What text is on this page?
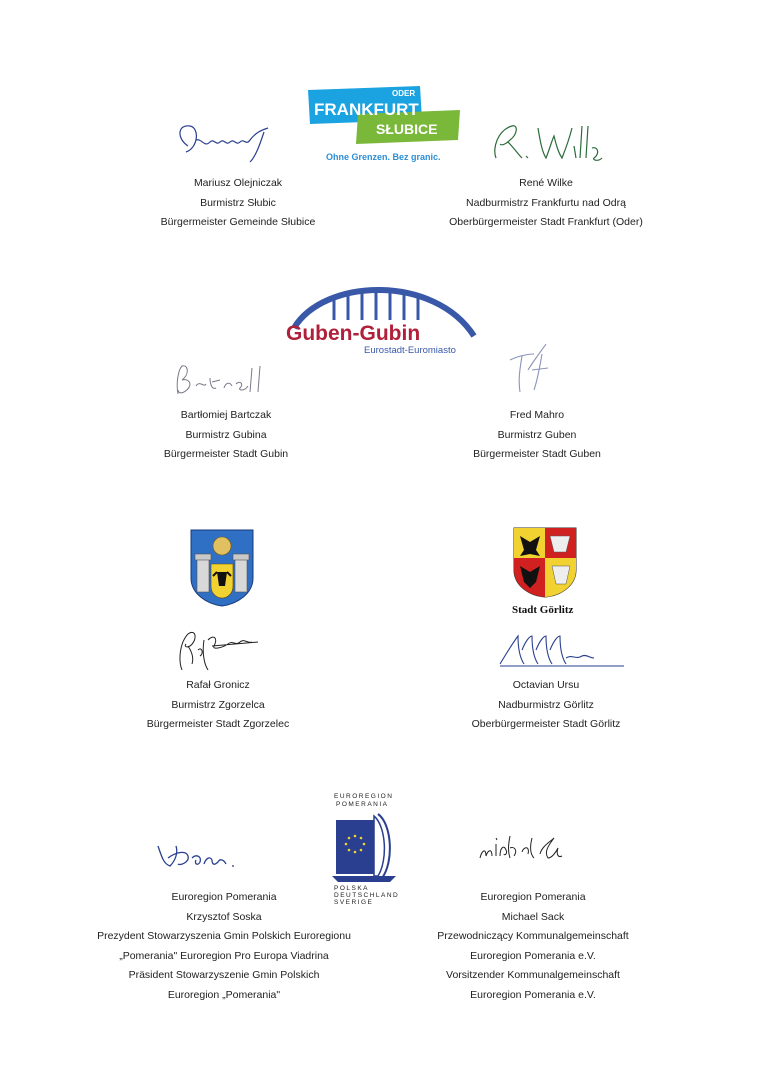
ODER
FRANKFURT
SŁUBICE
Ohne Grenzen. Bez granic.
Mariusz Olejniczak
Burmistrz Słubic
Bürgermeister Gemeinde Słubice
René Wilke
Nadburmistrz Frankfurtu nad Odrą
Oberbürgermeister Stadt Frankfurt (Oder)
Guben-Gubin
Eurostadt-Euromiasto
Bartłomiej Bartczak
Burmistrz Gubina
Bürgermeister Stadt Gubin
Fred Mahro
Burmistrz Guben
Bürgermeister Stadt Guben
Stadt Görlitz
Rafał Gronicz
Burmistrz Zgorzelca
Bürgermeister Stadt Zgorzelec
Octavian Ursu
Nadburmistrz Görlitz
Oberbürgermeister Stadt Görlitz
EUROREGION
POMERANIA
POLSKA
DEUTSCHLAND
SVERIGE
Euroregion Pomerania
Krzysztof Soska
Prezydent Stowarzyszenia Gmin Polskich Euroregionu
„Pomerania" Euroregion Pro Europa Viadrina
Präsident Stowarzyszenie Gmin Polskich
Euroregion „Pomerania"
Euroregion Pomerania
Michael Sack
Przewodniczący Kommunalgemeinschaft
Euroregion Pomerania e.V.
Vorsitzender Kommunalgemeinschaft
Euroregion Pomerania e.V.
